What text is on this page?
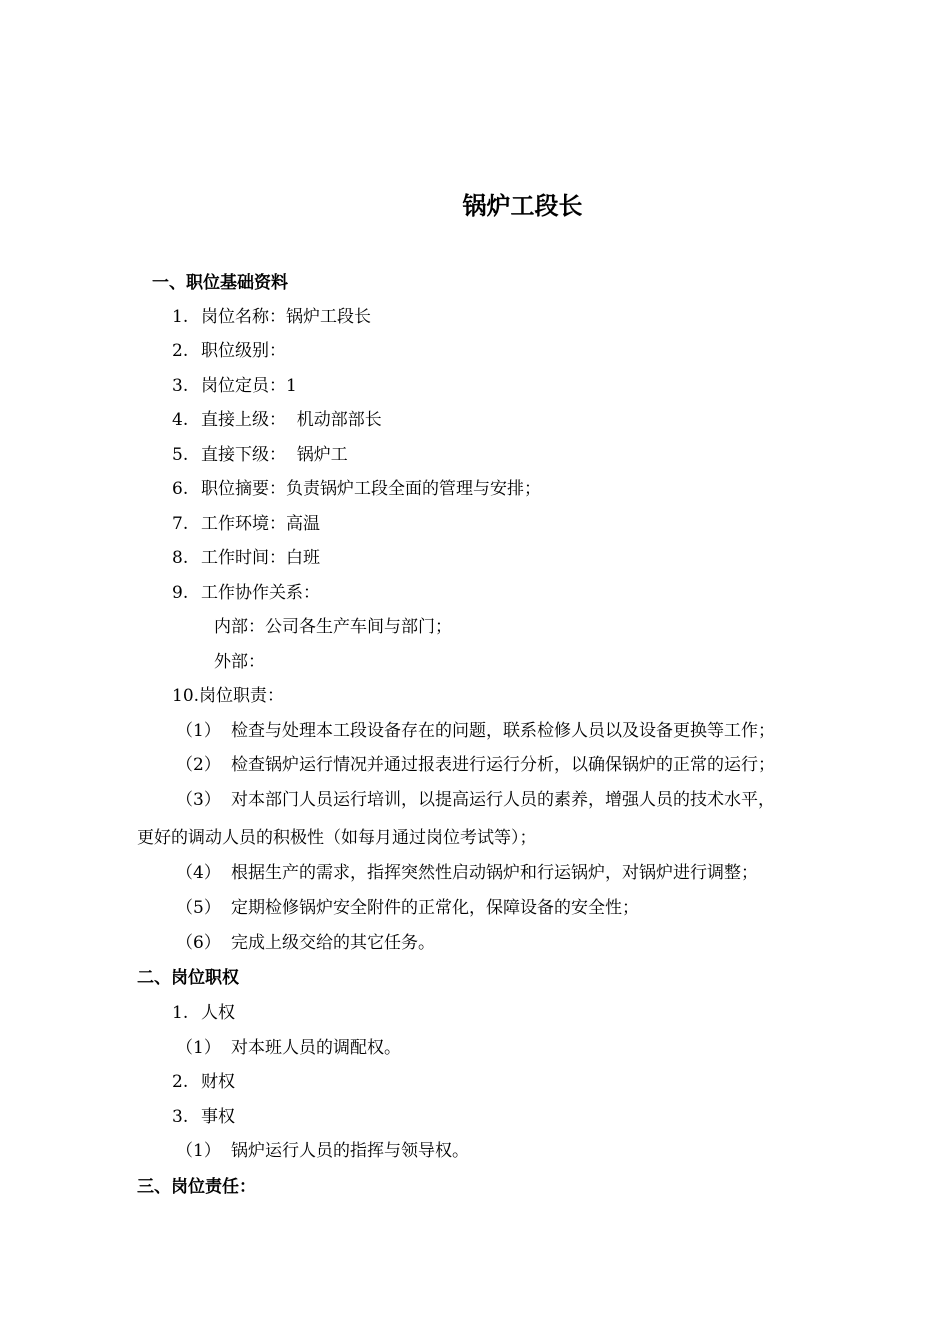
锅炉工段长
一、职位基础资料
1. 岗位名称：锅炉工段长
2. 职位级别：
3. 岗位定员：1
4. 直接上级：  机动部部长
5. 直接下级：  锅炉工
6. 职位摘要：负责锅炉工段全面的管理与安排；
7. 工作环境：高温
8. 工作时间：白班
9. 工作协作关系：
内部：公司各生产车间与部门；
外部：
10.岗位职责：
（1） 检查与处理本工段设备存在的问题，联系检修人员以及设备更换等工作；
（2） 检查锅炉运行情况并通过报表进行运行分析，以确保锅炉的正常的运行；
（3） 对本部门人员运行培训，以提高运行人员的素养，增强人员的技术水平，
更好的调动人员的积极性（如每月通过岗位考试等）；
（4） 根据生产的需求，指挥突然性启动锅炉和行运锅炉，对锅炉进行调整；
（5） 定期检修锅炉安全附件的正常化，保障设备的安全性；
（6） 完成上级交给的其它任务。
二、岗位职权
1. 人权
（1） 对本班人员的调配权。
2. 财权
3. 事权
（1） 锅炉运行人员的指挥与领导权。
三、岗位责任：
